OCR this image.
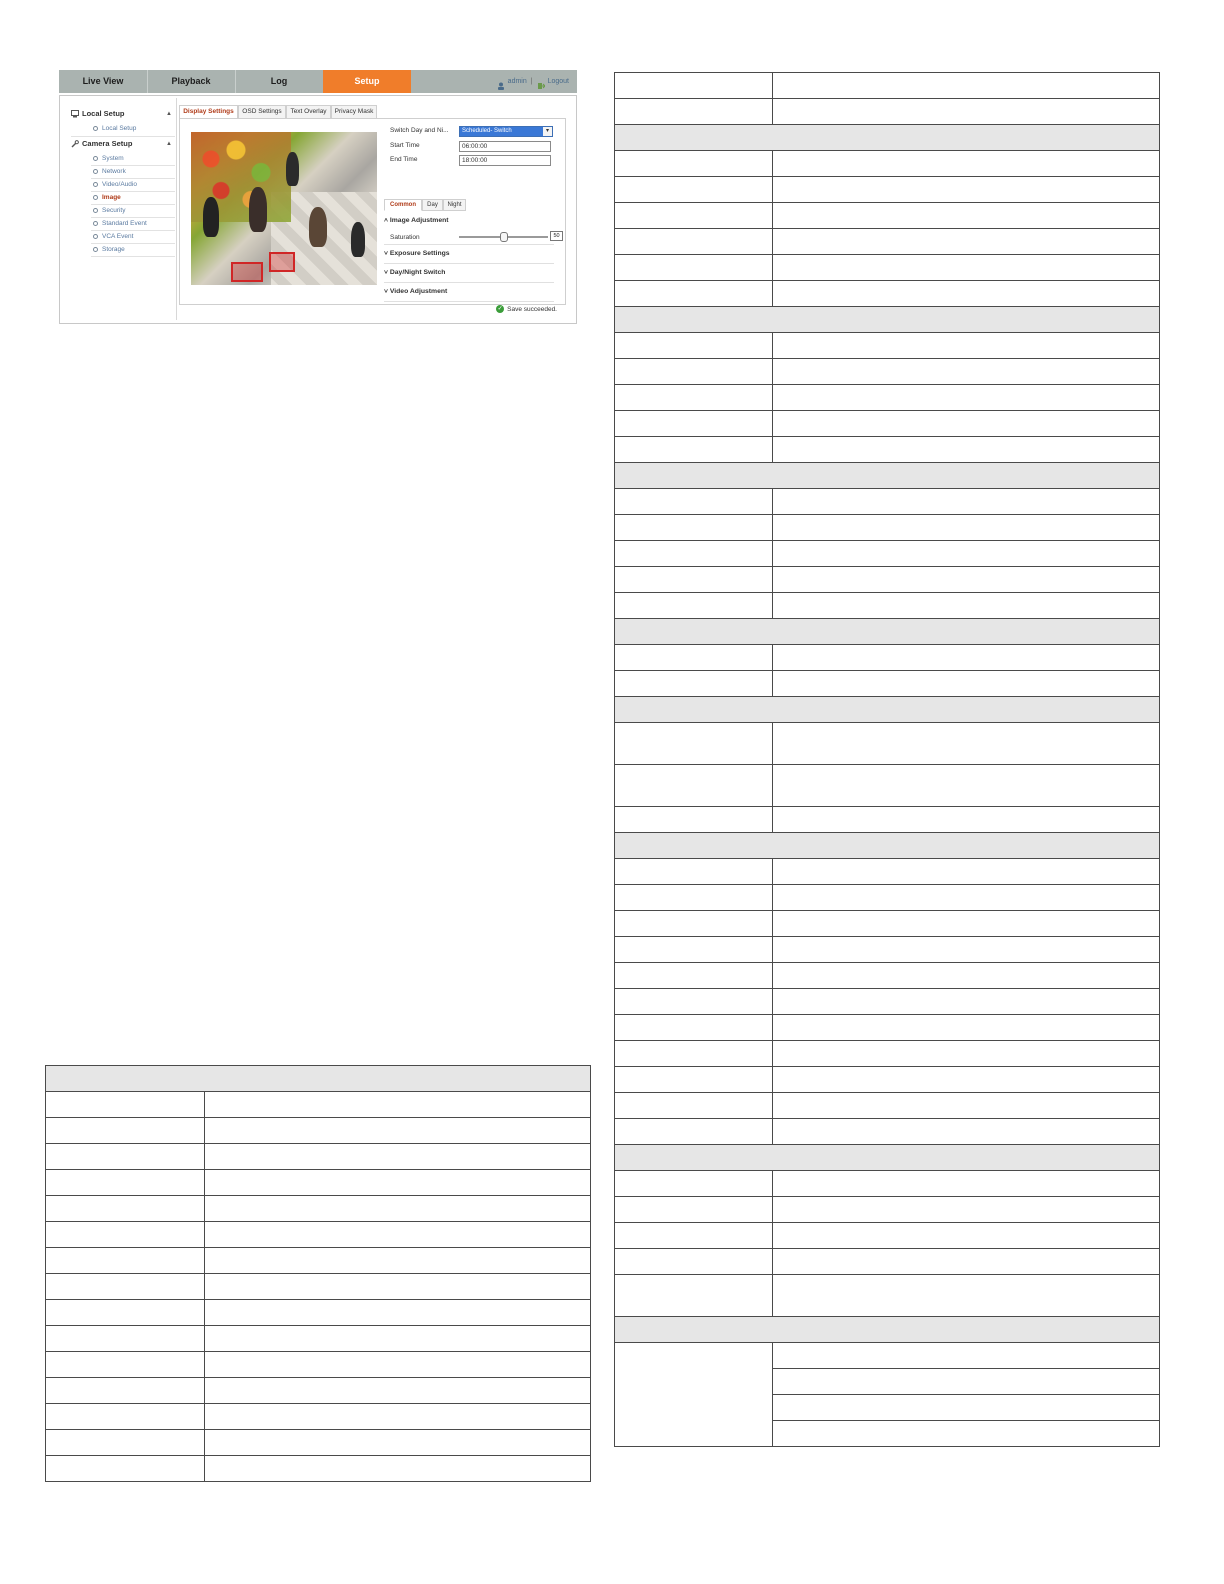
Live View	Playback	Log	Setup	admin | Logout
Local Setup	▲
Local Setup
Camera Setup	▲
System
Network
Video/Audio
Image
Security
Standard Event
VCA Event
Storage
Display Settings	OSD Settings	Text Overlay	Privacy Mask
Switch Day and Ni...	Scheduled- Switch	▾
Start Time	06:00:00
End Time	18:00:00
Common	Day	Night
˄ Image Adjustment
Saturation	50
˅ Exposure Settings
˅ Day/Night Switch
˅ Video Adjustment
✓ Save succeeded.
